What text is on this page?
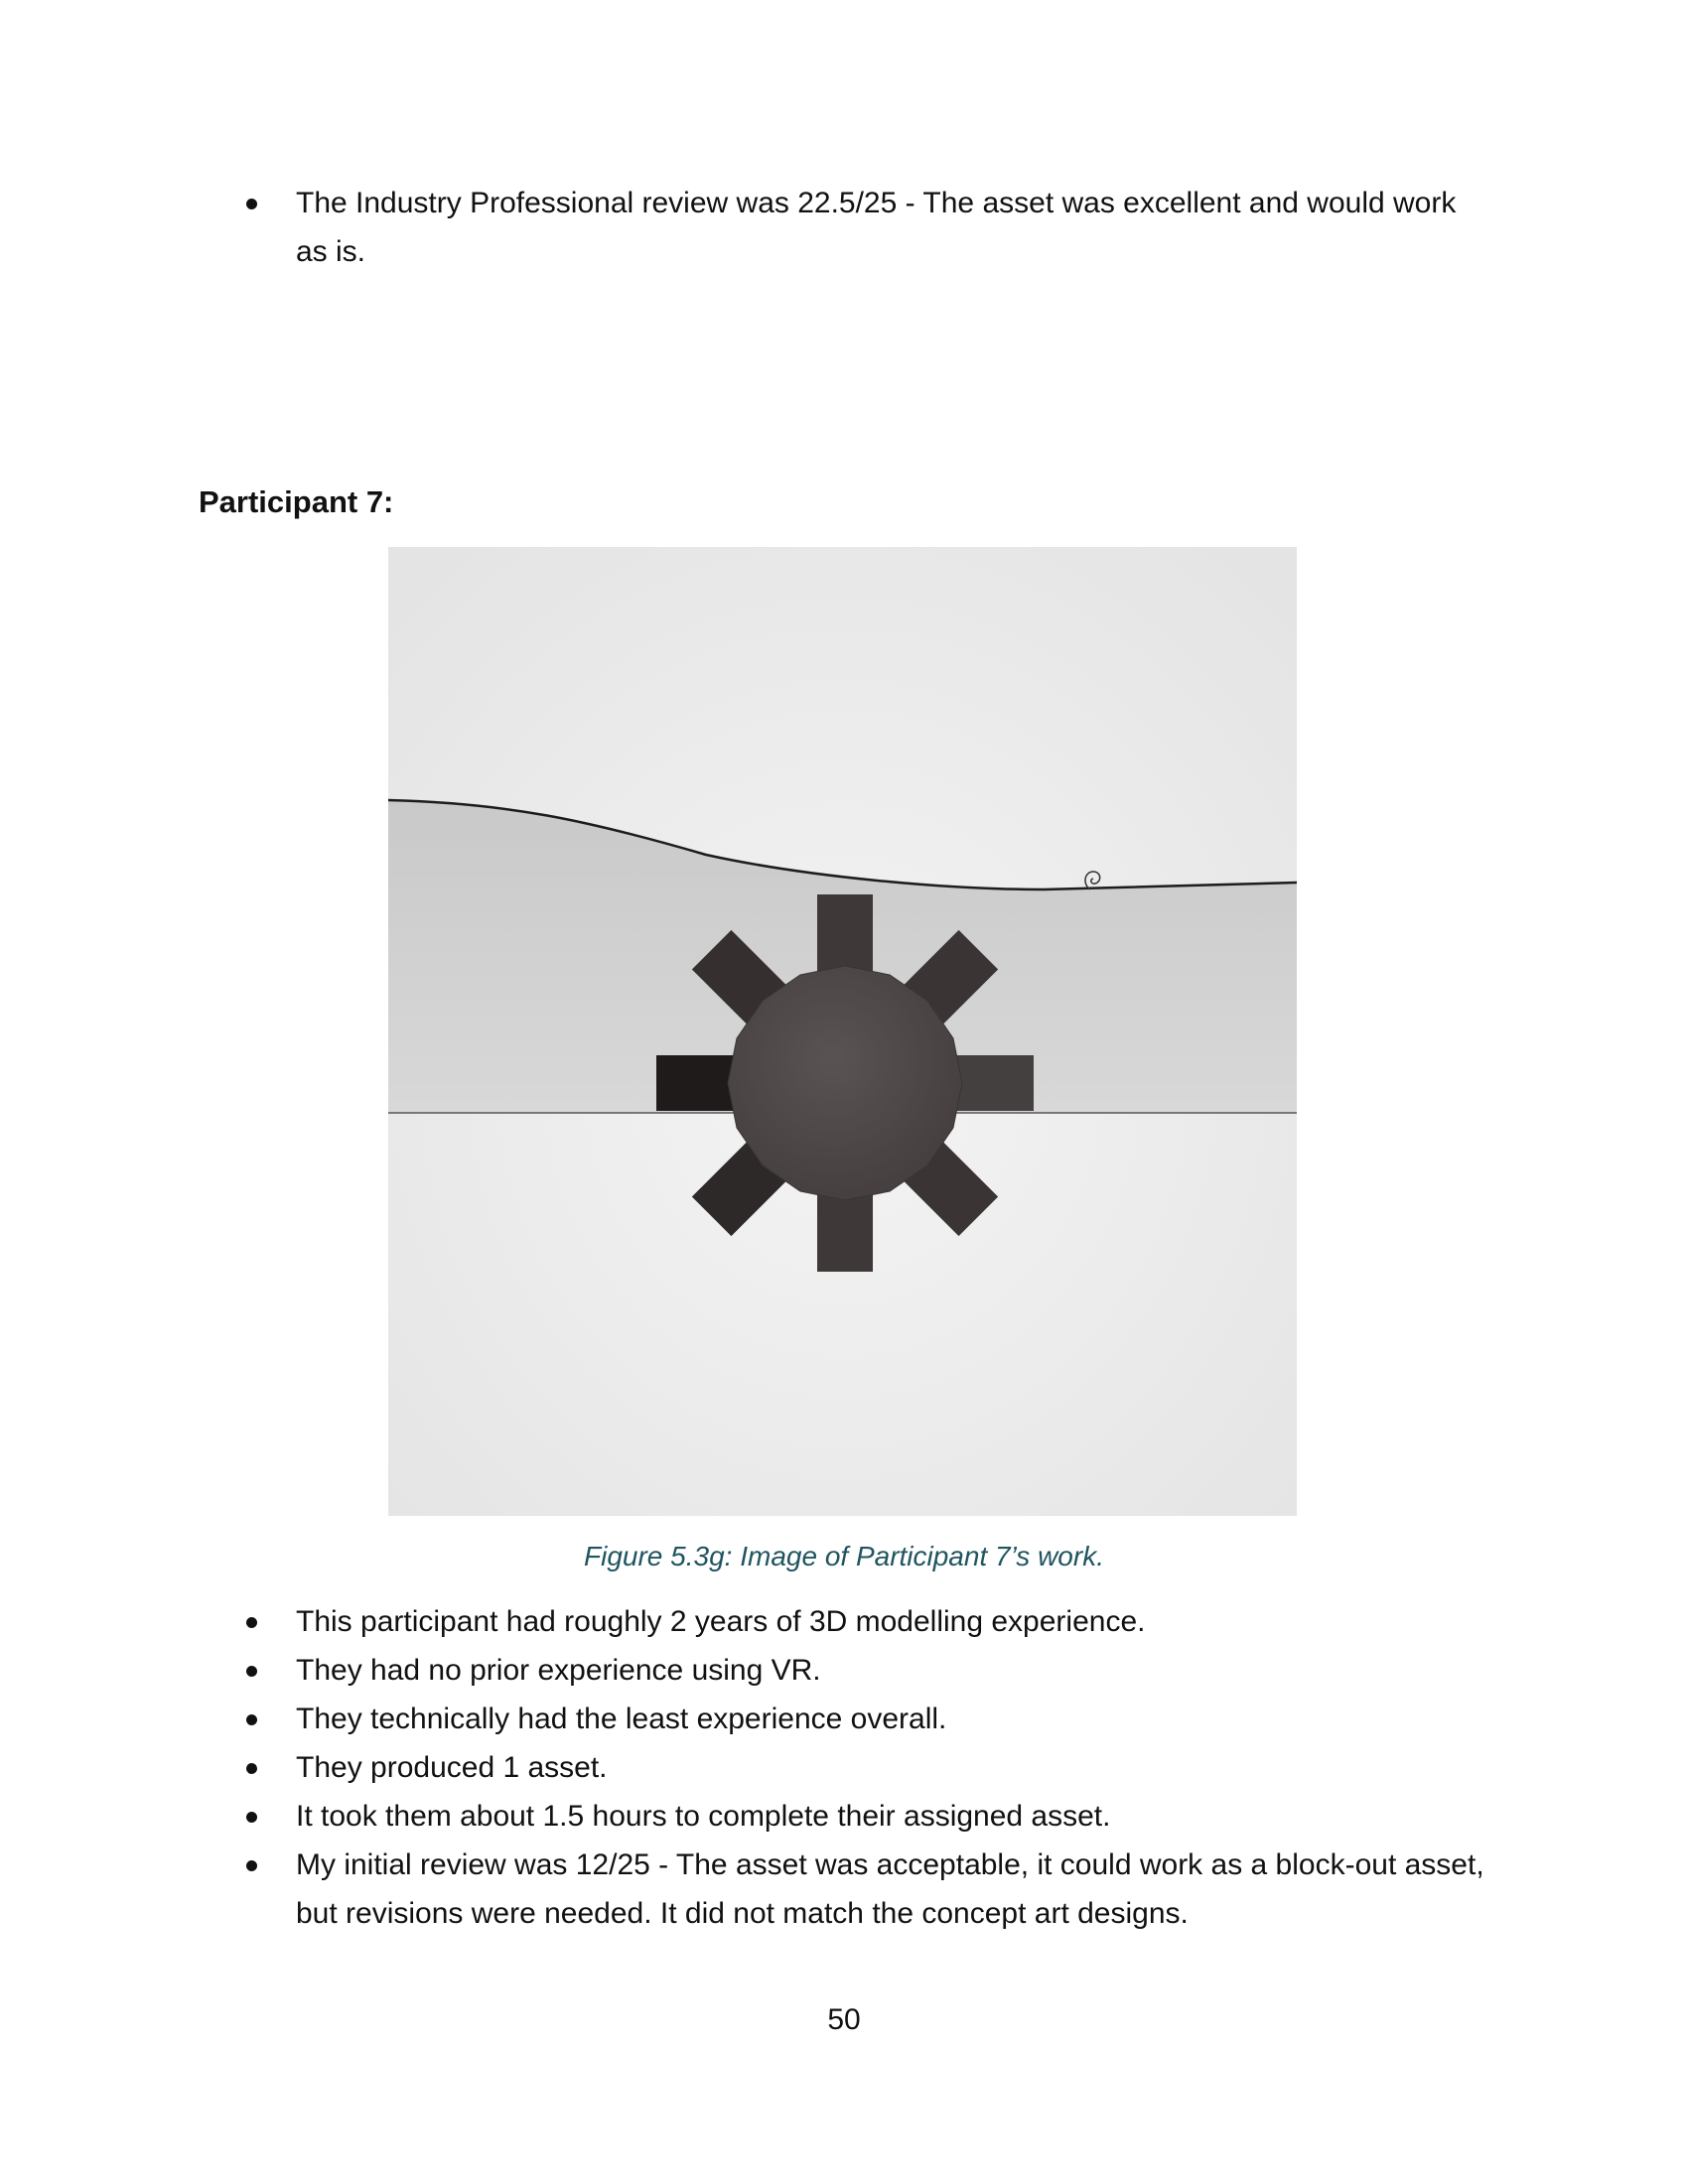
The Industry Professional review was 22.5/25 - The asset was excellent and would work as is.
Participant 7:
Figure 5.3g: Image of Participant 7’s work.
This participant had roughly 2 years of 3D modelling experience.
They had no prior experience using VR.
They technically had the least experience overall.
They produced 1 asset.
It took them about 1.5 hours to complete their assigned asset.
My initial review was 12/25 - The asset was acceptable, it could work as a block-out asset, but revisions were needed. It did not match the concept art designs.
50
